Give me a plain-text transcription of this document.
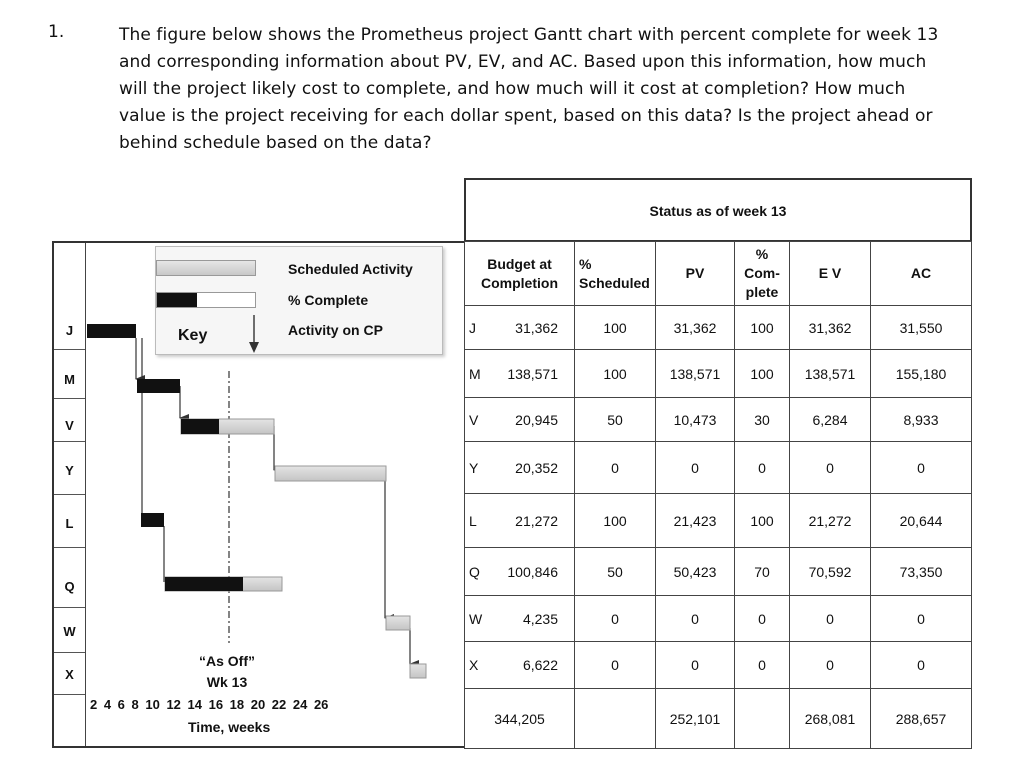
1.	The figure below shows the Prometheus project Gantt chart with percent complete for week 13
and corresponding information about PV, EV, and AC. Based upon this information, how much
will the project likely cost to complete, and how much will it cost at completion? How much
value is the project receiving for each dollar spent, based on this data? Is the project ahead or
behind schedule based on the data?
J
M
V
Y
L
Q
W
X
Scheduled Activity
% Complete
Activity on CP
Key
“As Off”
Wk 13
2 4 6 8 10 12 14 16 18 20 22 24 26
Time, weeks
Status as of week 13
Budget at Completion	% Scheduled	PV	% Com- plete	E V	AC
J 31,362	100	31,362	100	31,362	31,550
M 138,571	100	138,571	100	138,571	155,180
V 20,945	50	10,473	30	6,284	8,933
Y 20,352	0	0	0	0	0
L 21,272	100	21,423	100	21,272	20,644
Q 100,846	50	50,423	70	70,592	73,350
W 4,235	0	0	0	0	0
X 6,622	0	0	0	0	0
344,205		252,101		268,081	288,657
